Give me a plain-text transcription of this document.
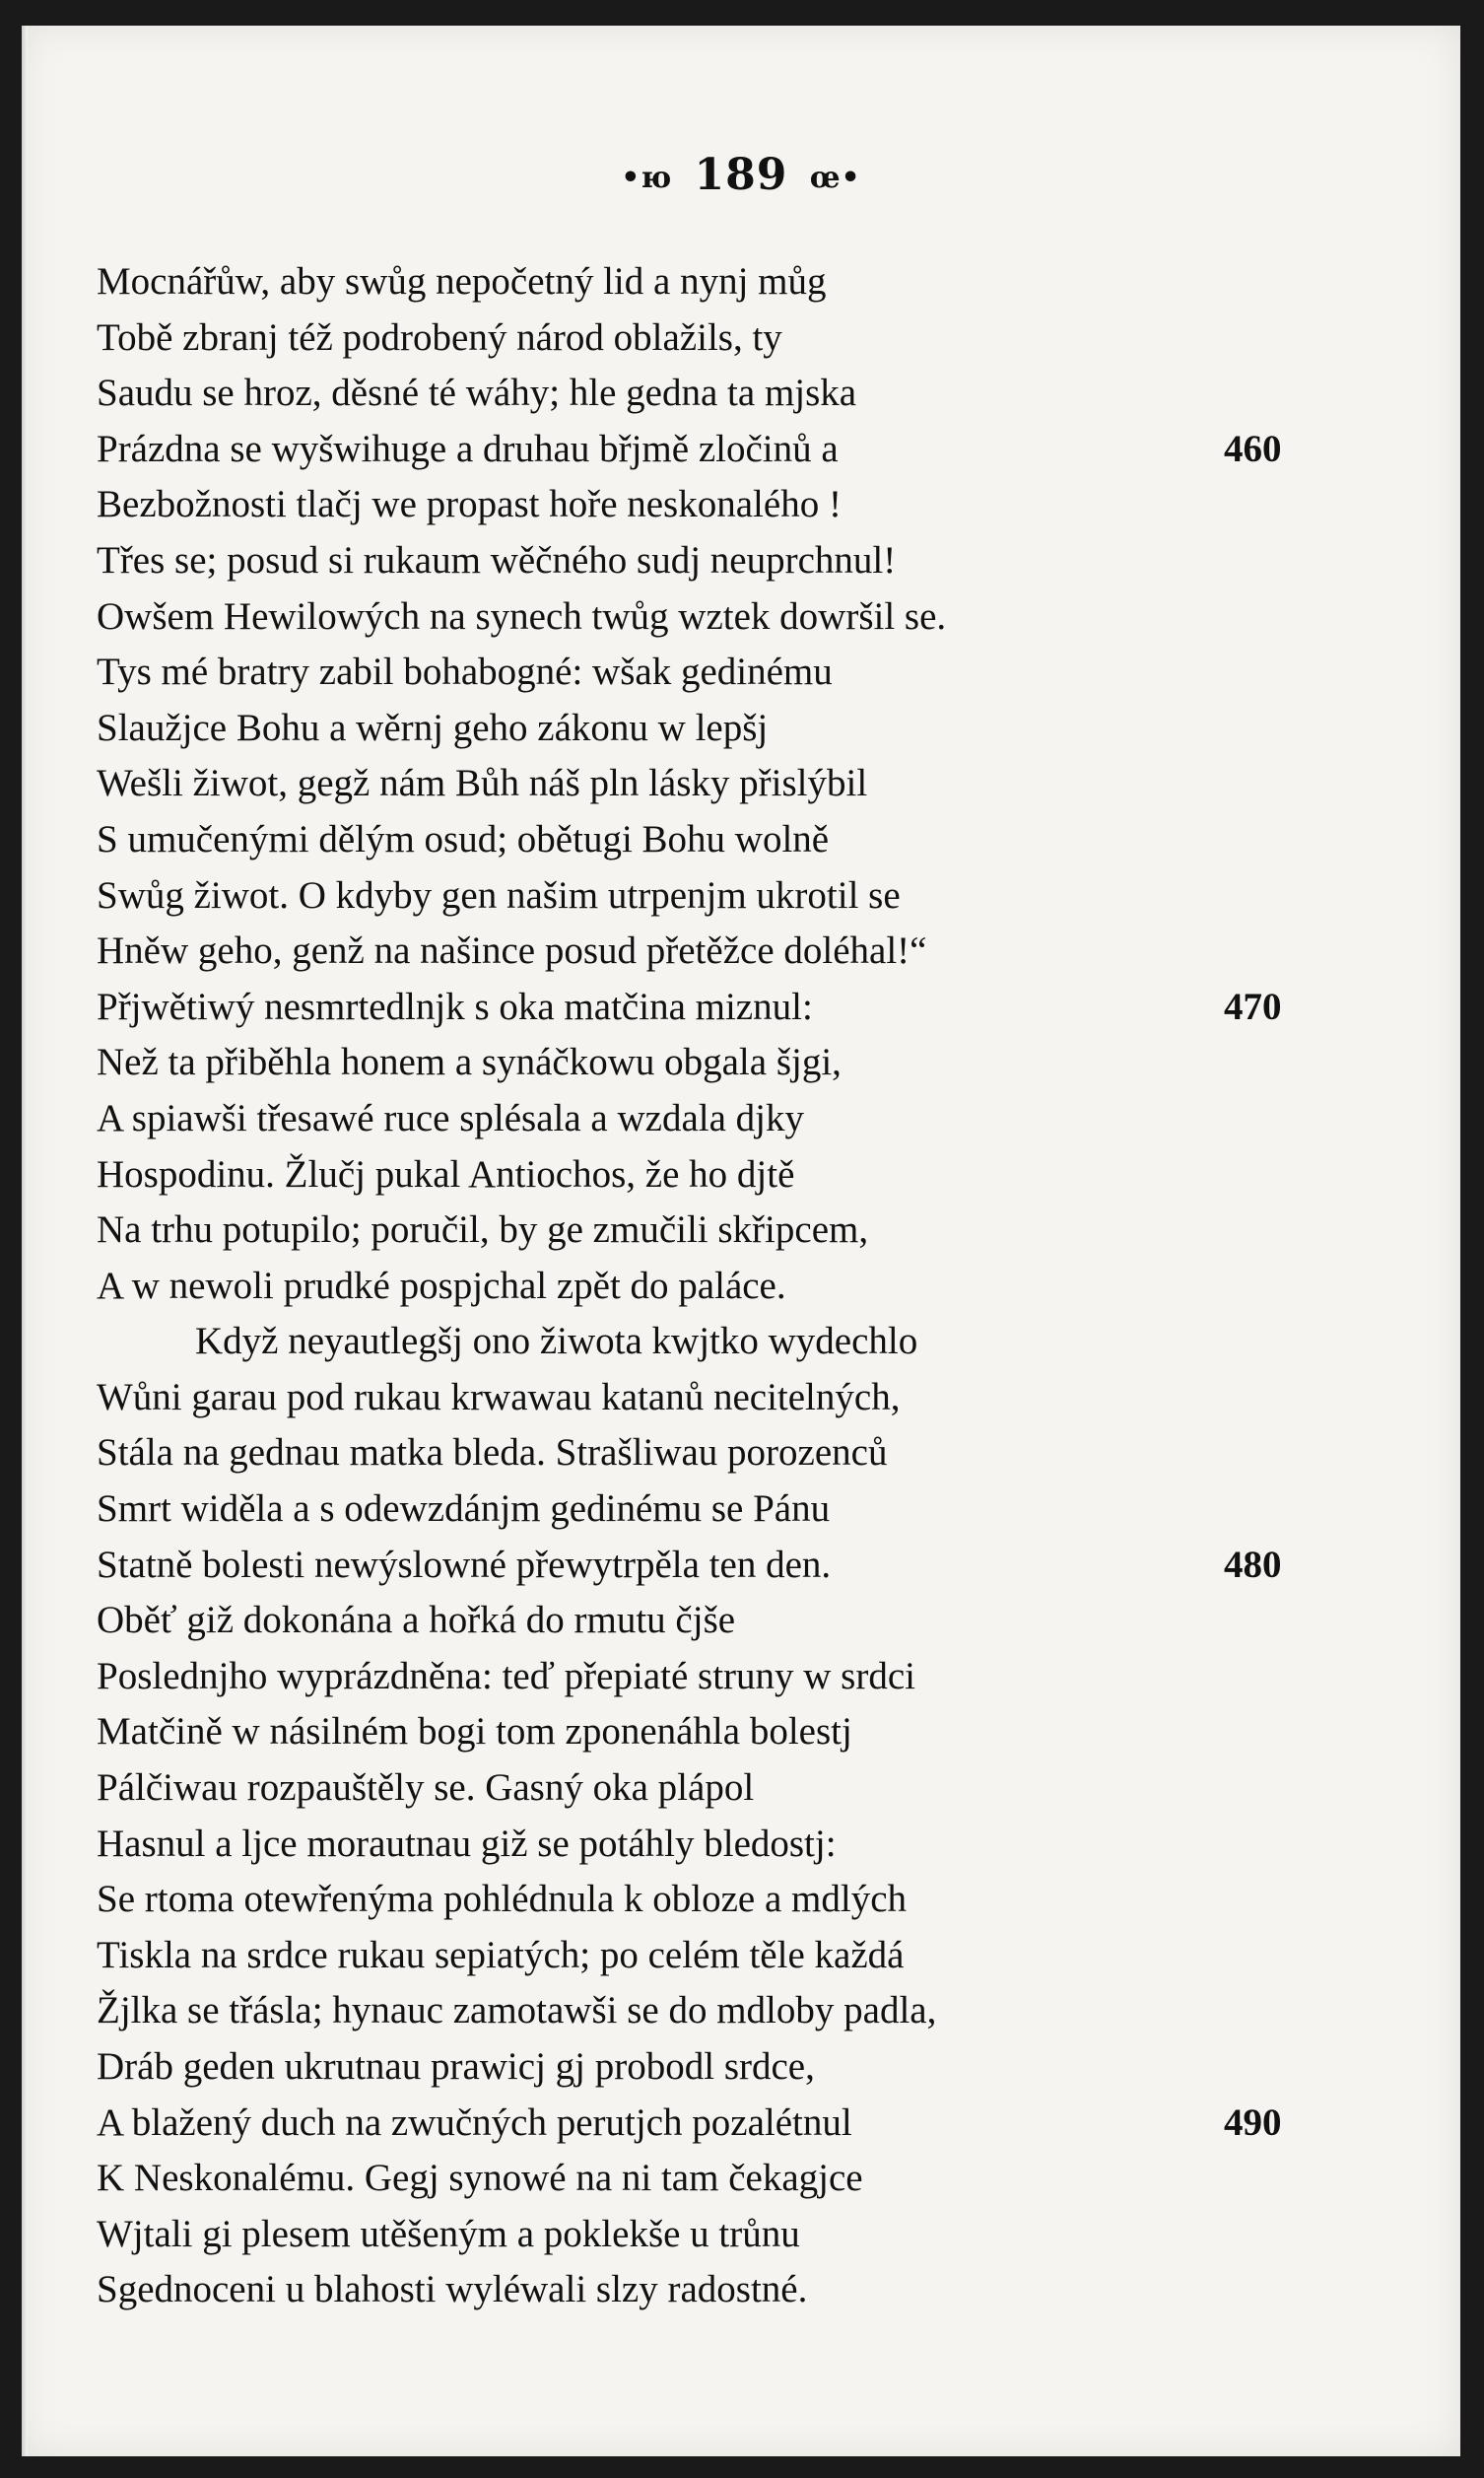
•ю 189 œ•
Mocnářůw, aby swůg nepočetný lid a nynj můg
Tobě zbranj též podrobený národ oblažils, ty
Saudu se hroz, děsné té wáhy; hle gedna ta mjska
Prázdna se wyšwihuge a druhau břjmě zločinů a	460
Bezbožnosti tlačj we propast hoře neskonalého !
Třes se; posud si rukaum wěčného sudj neuprchnul!
Owšem Hewilowých na synech twůg wztek dowršil se.
Tys mé bratry zabil bohabogné: wšak gedinému
Slaužjce Bohu a wěrnj geho zákonu w lepšj
Wešli žiwot, gegž nám Bůh náš pln lásky přislýbil
S umučenými dělým osud; obětugi Bohu wolně
Swůg žiwot. O kdyby gen našim utrpenjm ukrotil se
Hněw geho, genž na našince posud přetěžce doléhal!“
Přjwětiwý nesmrtedlnjk s oka matčina miznul:	470
Než ta přiběhla honem a synáčkowu obgala šjgi,
A spiawši třesawé ruce splésala a wzdala djky
Hospodinu. Žlučj pukal Antiochos, že ho djtě
Na trhu potupilo; poručil, by ge zmučili skřipcem,
A w newoli prudké pospjchal zpět do paláce.
Když neyautlegšj ono žiwota kwjtko wydechlo
Wůni garau pod rukau krwawau katanů necitelných,
Stála na gednau matka bleda. Strašliwau porozenců
Smrt widěla a s odewzdánjm gedinému se Pánu
Statně bolesti newýslowné přewytrpěla ten den.	480
Oběť giž dokonána a hořká do rmutu čjše
Poslednjho wyprázdněna: teď přepiaté struny w srdci
Matčině w násilném bogi tom zponenáhla bolestj
Pálčiwau rozpauštěly se. Gasný oka plápol
Hasnul a ljce morautnau giž se potáhly bledostj:
Se rtoma otewřenýma pohlédnula k obloze a mdlých
Tiskla na srdce rukau sepiatých; po celém těle každá
Žjlka se třásla; hynauc zamotawši se do mdloby padla,
Dráb geden ukrutnau prawicj gj probodl srdce,
A blažený duch na zwučných perutjch pozalétnul	490
K Neskonalému. Gegj synowé na ni tam čekagjce
Wjtali gi plesem utěšeným a poklekše u trůnu
Sgednoceni u blahosti wyléwali slzy radostné.
